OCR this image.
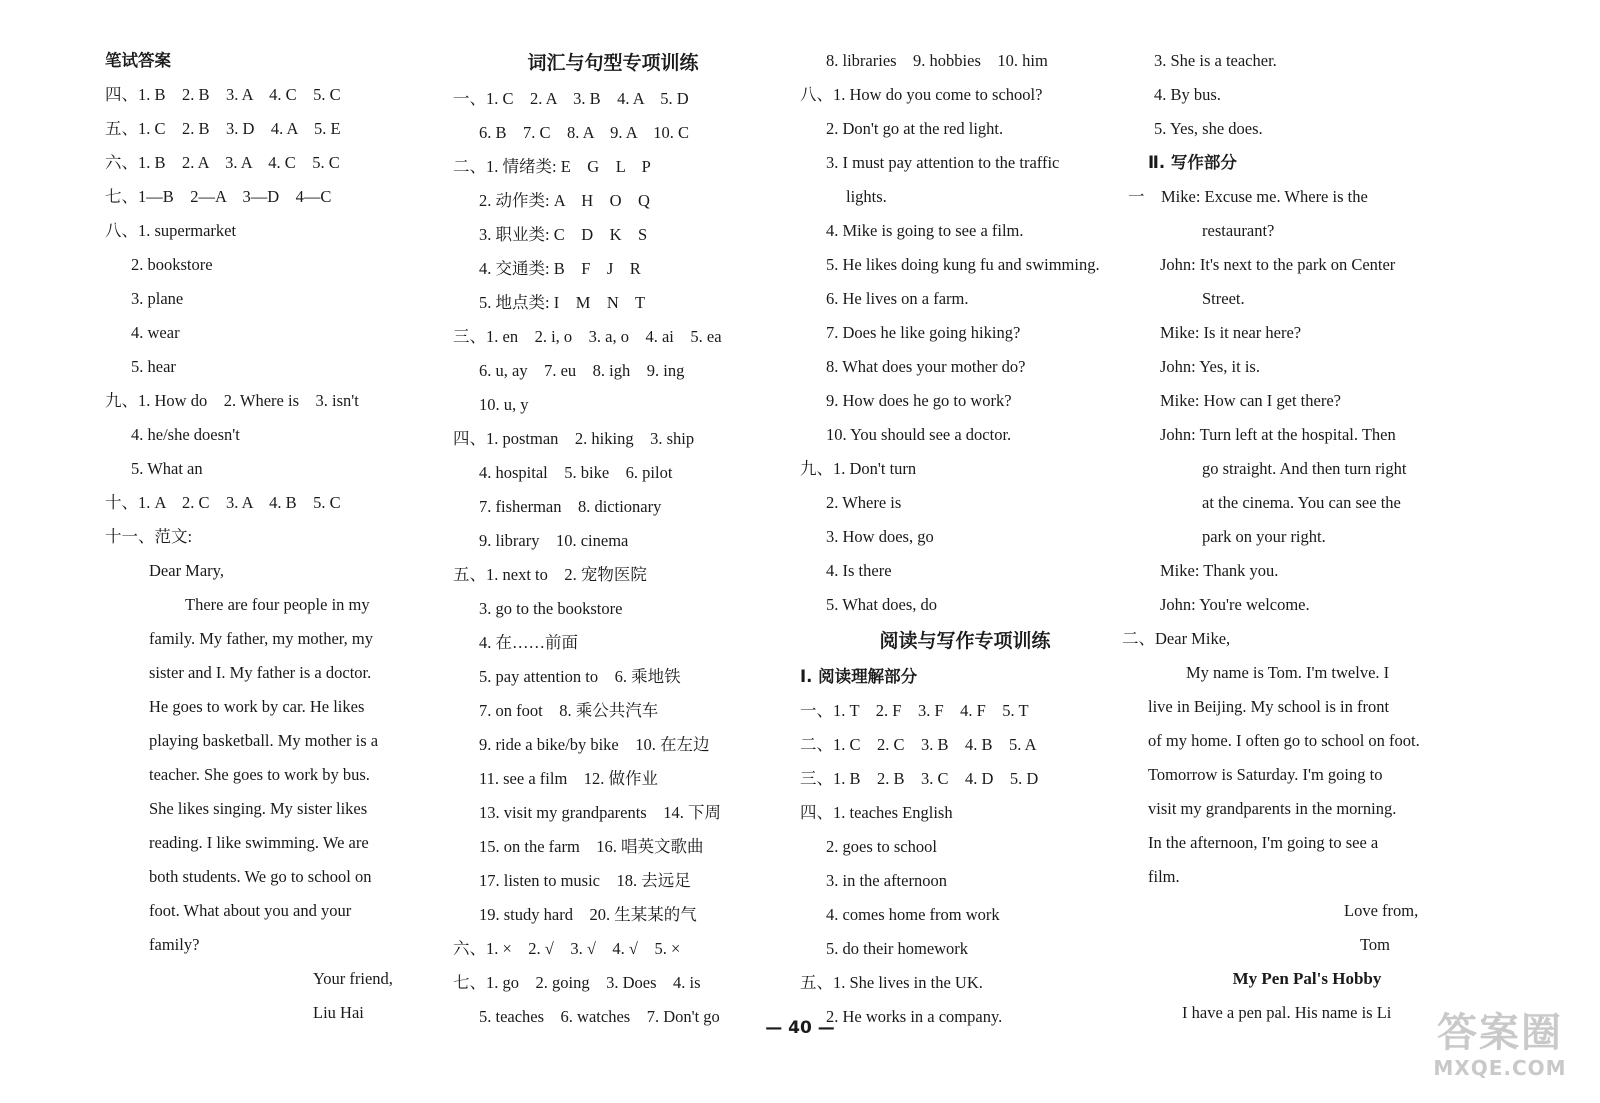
笔试答案
四、1. B    2. B    3. A    4. C    5. C
五、1. C    2. B    3. D    4. A    5. E
六、1. B    2. A    3. A    4. C    5. C
七、1—B    2—A    3—D    4—C
八、1. supermarket
2. bookstore
3. plane
4. wear
5. hear
九、1. How do    2. Where is    3. isn't
4. he/she doesn't
5. What an
十、1. A    2. C    3. A    4. B    5. C
十一、范文:
Dear Mary,
There are four people in my
family. My father, my mother, my
sister and I. My father is a doctor.
He goes to work by car. He likes
playing basketball. My mother is a
teacher. She goes to work by bus.
She likes singing. My sister likes
reading. I like swimming. We are
both students. We go to school on
foot. What about you and your
family?
Your friend,
Liu Hai
词汇与句型专项训练
一、1. C    2. A    3. B    4. A    5. D
6. B    7. C    8. A    9. A    10. C
二、1. 情绪类: E    G    L    P
2. 动作类: A    H    O    Q
3. 职业类: C    D    K    S
4. 交通类: B    F    J    R
5. 地点类: I    M    N    T
三、1. en    2. i, o    3. a, o    4. ai    5. ea
6. u, ay    7. eu    8. igh    9. ing
10. u, y
四、1. postman    2. hiking    3. ship
4. hospital    5. bike    6. pilot
7. fisherman    8. dictionary
9. library    10. cinema
五、1. next to    2. 宠物医院
3. go to the bookstore
4. 在……前面
5. pay attention to    6. 乘地铁
7. on foot    8. 乘公共汽车
9. ride a bike/by bike    10. 在左边
11. see a film    12. 做作业
13. visit my grandparents    14. 下周
15. on the farm    16. 唱英文歌曲
17. listen to music    18. 去远足
19. study hard    20. 生某某的气
六、1. ×    2. √    3. √    4. √    5. ×
七、1. go    2. going    3. Does    4. is
5. teaches    6. watches    7. Don't go
8. libraries    9. hobbies    10. him
八、1. How do you come to school?
2. Don't go at the red light.
3. I must pay attention to the traffic
lights.
4. Mike is going to see a film.
5. He likes doing kung fu and swimming.
6. He lives on a farm.
7. Does he like going hiking?
8. What does your mother do?
9. How does he go to work?
10. You should see a doctor.
九、1. Don't turn
2. Where is
3. How does, go
4. Is there
5. What does, do
阅读与写作专项训练
Ⅰ. 阅读理解部分
一、1. T    2. F    3. F    4. F    5. T
二、1. C    2. C    3. B    4. B    5. A
三、1. B    2. B    3. C    4. D    5. D
四、1. teaches English
2. goes to school
3. in the afternoon
4. comes home from work
5. do their homework
五、1. She lives in the UK.
2. He works in a company.
3. She is a teacher.
4. By bus.
5. Yes, she does.
Ⅱ. 写作部分
一    Mike: Excuse me. Where is the
restaurant?
John: It's next to the park on Center
Street.
Mike: Is it near here?
John: Yes, it is.
Mike: How can I get there?
John: Turn left at the hospital. Then
go straight. And then turn right
at the cinema. You can see the
park on your right.
Mike: Thank you.
John: You're welcome.
二、Dear Mike,
My name is Tom. I'm twelve. I
live in Beijing. My school is in front
of my home. I often go to school on foot.
Tomorrow is Saturday. I'm going to
visit my grandparents in the morning.
In the afternoon, I'm going to see a
film.
Love from,
Tom
My Pen Pal's Hobby
I have a pen pal. His name is Li
— 40 —	答案圈
MXQE.COM
